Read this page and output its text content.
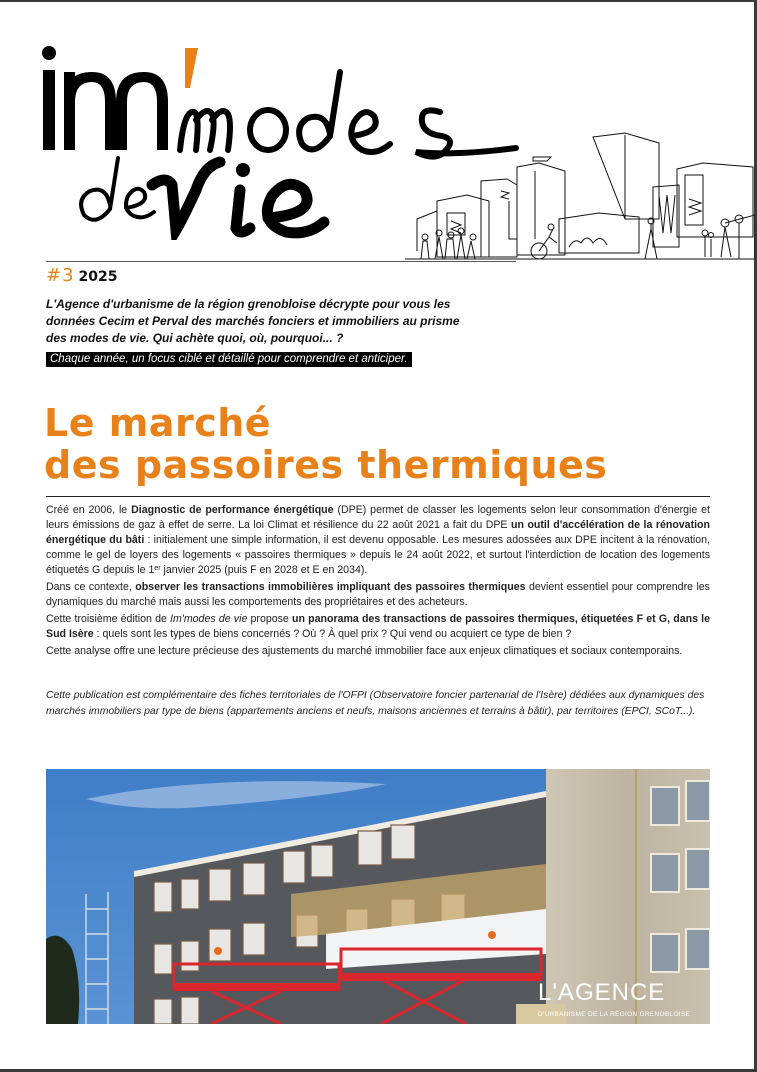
#3 2025

L'Agence d'urbanisme de la région grenobloise décrypte pour vous les données Cecim et Perval des marchés fonciers et immobiliers au prisme des modes de vie. Qui achète quoi, où, pourquoi... ?

Chaque année, un focus ciblé et détaillé pour comprendre et anticiper.
Le marché
des passoires thermiques

Créé en 2006, le Diagnostic de performance énergétique (DPE) permet de classer les logements selon leur consommation d'énergie et leurs émissions de gaz à effet de serre. La loi Climat et résilience du 22 août 2021 a fait du DPE un outil d'accélération de la rénovation énergétique du bâti : initialement une simple information, il est devenu opposable. Les mesures adossées aux DPE incitent à la rénovation, comme le gel de loyers des logements « passoires thermiques » depuis le 24 août 2022, et surtout l'interdiction de location des logements étiquetés G depuis le 1er janvier 2025 (puis F en 2028 et E en 2034).

Dans ce contexte, observer les transactions immobilières impliquant des passoires thermiques devient essentiel pour comprendre les dynamiques du marché mais aussi les comportements des propriétaires et des acheteurs.

Cette troisième édition de Im'modes de vie propose un panorama des transactions de passoires thermiques, étiquetées F et G, dans le Sud Isère : quels sont les types de biens concernés ? Où ? À quel prix ? Qui vend ou acquiert ce type de bien ?

Cette analyse offre une lecture précieuse des ajustements du marché immobilier face aux enjeux climatiques et sociaux contemporains.

Cette publication est complémentaire des fiches territoriales de l'OFPI (Observatoire foncier partenarial de l'Isère) dédiées aux dynamiques des marchés immobiliers par type de biens (appartements anciens et neufs, maisons anciennes et terrains à bâtir), par territoires (EPCI, SCoT...).

L'AGENCE
D'URBANISME DE LA RÉGION GRENOBLOISE
